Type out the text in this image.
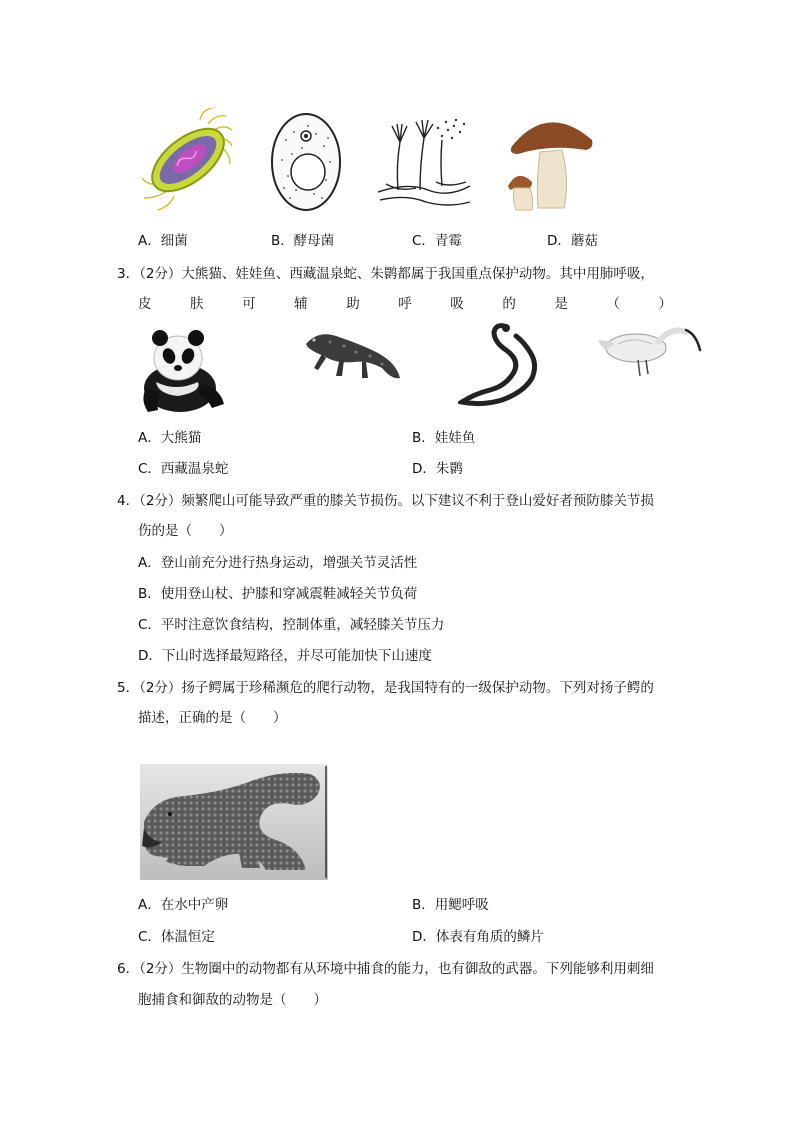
A．细菌	B．酵母菌	C．青霉	D．蘑菇
3．（2分）大熊猫、娃娃鱼、西藏温泉蛇、朱鹮都属于我国重点保护动物。其中用肺呼吸，
皮	肤	可	辅	助	呼	吸	的	是	（	）
A．大熊猫	B．娃娃鱼
C．西藏温泉蛇	D．朱鹮
4．（2分）频繁爬山可能导致严重的膝关节损伤。以下建议不利于登山爱好者预防膝关节损
伤的是（　　）
A．登山前充分进行热身运动，增强关节灵活性
B．使用登山杖、护膝和穿减震鞋减轻关节负荷
C．平时注意饮食结构，控制体重，减轻膝关节压力
D．下山时选择最短路径，并尽可能加快下山速度
5．（2分）扬子鳄属于珍稀濒危的爬行动物，是我国特有的一级保护动物。下列对扬子鳄的
描述，正确的是（　　）
A．在水中产卵	B．用鳃呼吸
C．体温恒定	D．体表有角质的鳞片
6．（2分）生物圈中的动物都有从环境中捕食的能力，也有御敌的武器。下列能够利用刺细
胞捕食和御敌的动物是（　　）
